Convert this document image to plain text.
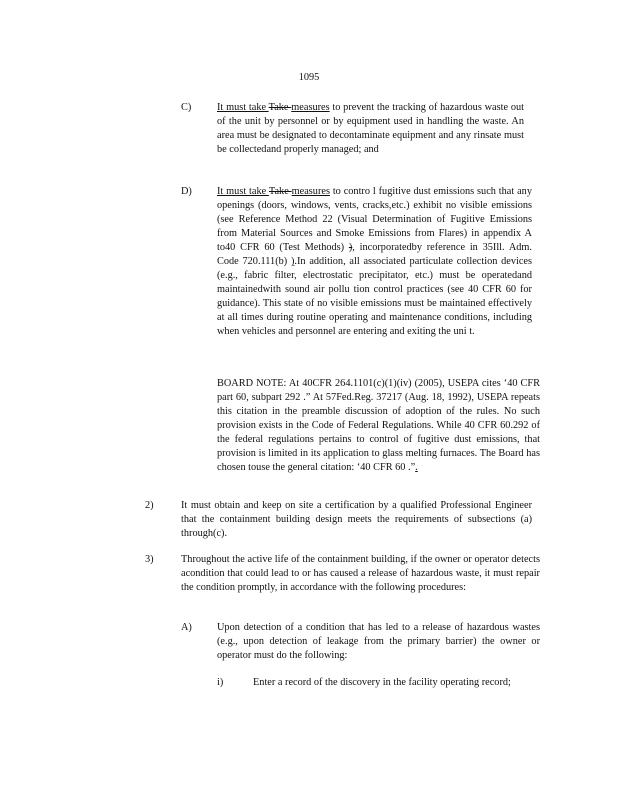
1095
C) It must take Take measures to prevent the tracking of hazardous waste out of the unit by personnel or by equipment used in handling the waste. An area must be designated to decontaminate equipment and any rinsate must be collectedand properly managed; and

D) It must take Take measures to contro l fugitive dust emissions such that any openings (doors, windows, vents, cracks,etc.) exhibit no visible emissions (see Reference Method 22 (Visual Determination of Fugitive Emissions from Material Sources and Smoke Emissions from Flares) in appendix A to40 CFR 60 (Test Methods) ), incorporatedby reference in 35Ill. Adm. Code 720.111(b) ).In addition, all associated particulate collection devices (e.g., fabric filter, electrostatic precipitator, etc.) must be operatedand maintainedwith sound air pollu tion control practices (see 40 CFR 60 for guidance). This state of no visible emissions must be maintained effectively at all times during routine operating and maintenance conditions, including when vehicles and personnel are entering and exiting the uni t.

BOARD NOTE: At 40CFR 264.1101(c)(1)(iv) (2005), USEPA cites ‘40 CFR part 60, subpart 292 .” At 57Fed.Reg. 37217 (Aug. 18, 1992), USEPA repeats this citation in the preamble discussion of adoption of the rules. No such provision exists in the Code of Federal Regulations. While 40 CFR 60.292 of the federal regulations pertains to control of fugitive dust emissions, that provision is limited in its application to glass melting furnaces. The Board has chosen touse the general citation: ‘40 CFR 60 .”.

2)	It must obtain and keep on site a certification by a qualified Professional Engineer that the containment building design meets the requirements of subsections (a) through(c).

3)	Throughout the active life of the containment building, if the owner or operator detects acondition that could lead to or has caused a release of hazardous waste, it must repair the condition promptly, in accordance with the following procedures:

A) Upon detection of a condition that has led to a release of hazardous wastes (e.g., upon detection of leakage from the primary barrier) the owner or operator must do the following:

i)	Enter a record of the discovery in the facility operating record;
